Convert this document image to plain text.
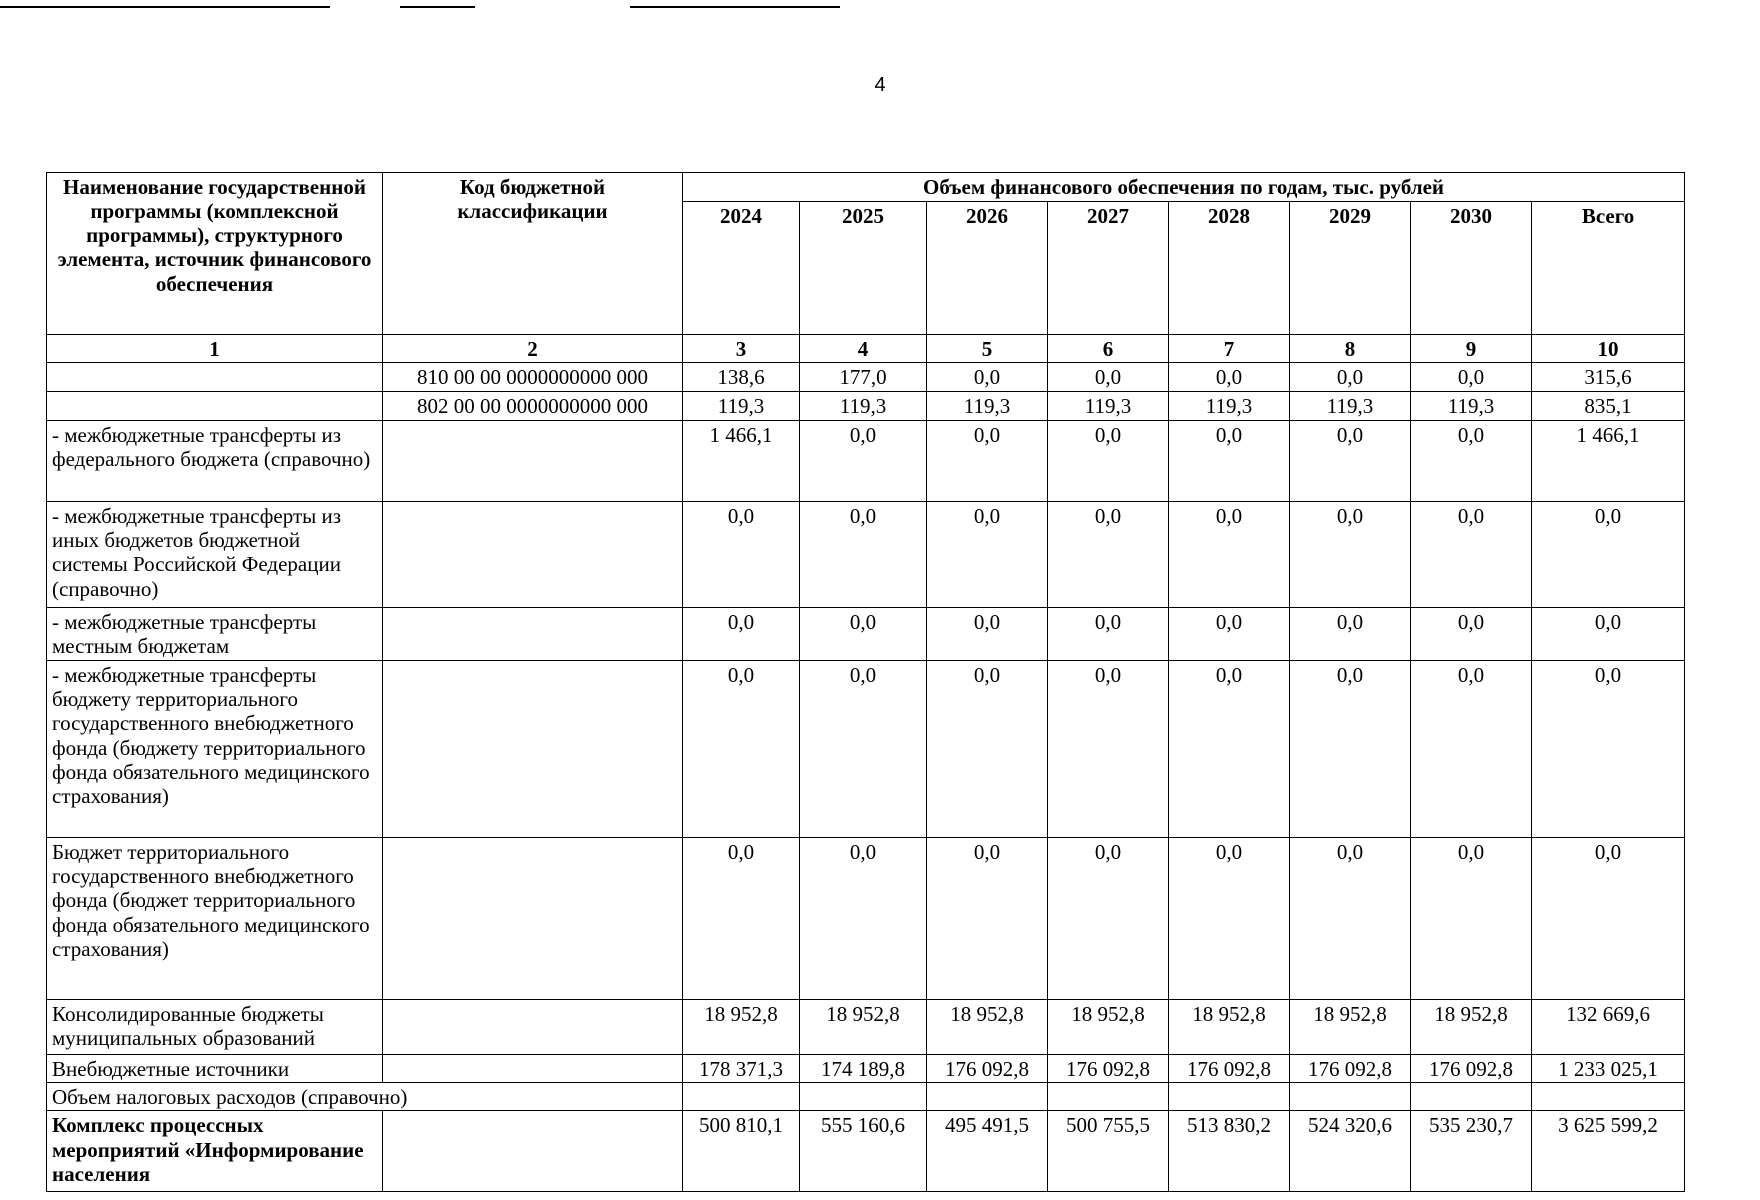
4
Наименование государственной программы (комплексной программы), структурного элемента, источник финансового обеспечения	Код бюджетной классификации	Объем финансового обеспечения по годам, тыс. рублей							
		2024	2025	2026	2027	2028	2029	2030	Всего
1	2	3	4	5	6	7	8	9	10
	810 00 00 0000000000 000	138,6	177,0	0,0	0,0	0,0	0,0	0,0	315,6
	802 00 00 0000000000 000	119,3	119,3	119,3	119,3	119,3	119,3	119,3	835,1
- межбюджетные трансферты из федерального бюджета (справочно)		1 466,1	0,0	0,0	0,0	0,0	0,0	0,0	1 466,1
- межбюджетные трансферты из иных бюджетов бюджетной системы Российской Федерации (справочно)		0,0	0,0	0,0	0,0	0,0	0,0	0,0	0,0
- межбюджетные трансферты местным бюджетам		0,0	0,0	0,0	0,0	0,0	0,0	0,0	0,0
- межбюджетные трансферты бюджету территориального государственного внебюджетного фонда (бюджету территориального фонда обязательного медицинского страхования)		0,0	0,0	0,0	0,0	0,0	0,0	0,0	0,0
Бюджет территориального государственного внебюджетного фонда (бюджет территориального фонда обязательного медицинского страхования)		0,0	0,0	0,0	0,0	0,0	0,0	0,0	0,0
Консолидированные бюджеты муниципальных образований		18 952,8	18 952,8	18 952,8	18 952,8	18 952,8	18 952,8	18 952,8	132 669,6
Внебюджетные источники		178 371,3	174 189,8	176 092,8	176 092,8	176 092,8	176 092,8	176 092,8	1 233 025,1
Объем налоговых расходов (справочно)									
Комплекс процессных мероприятий «Информирование населения		500 810,1	555 160,6	495 491,5	500 755,5	513 830,2	524 320,6	535 230,7	3 625 599,2
